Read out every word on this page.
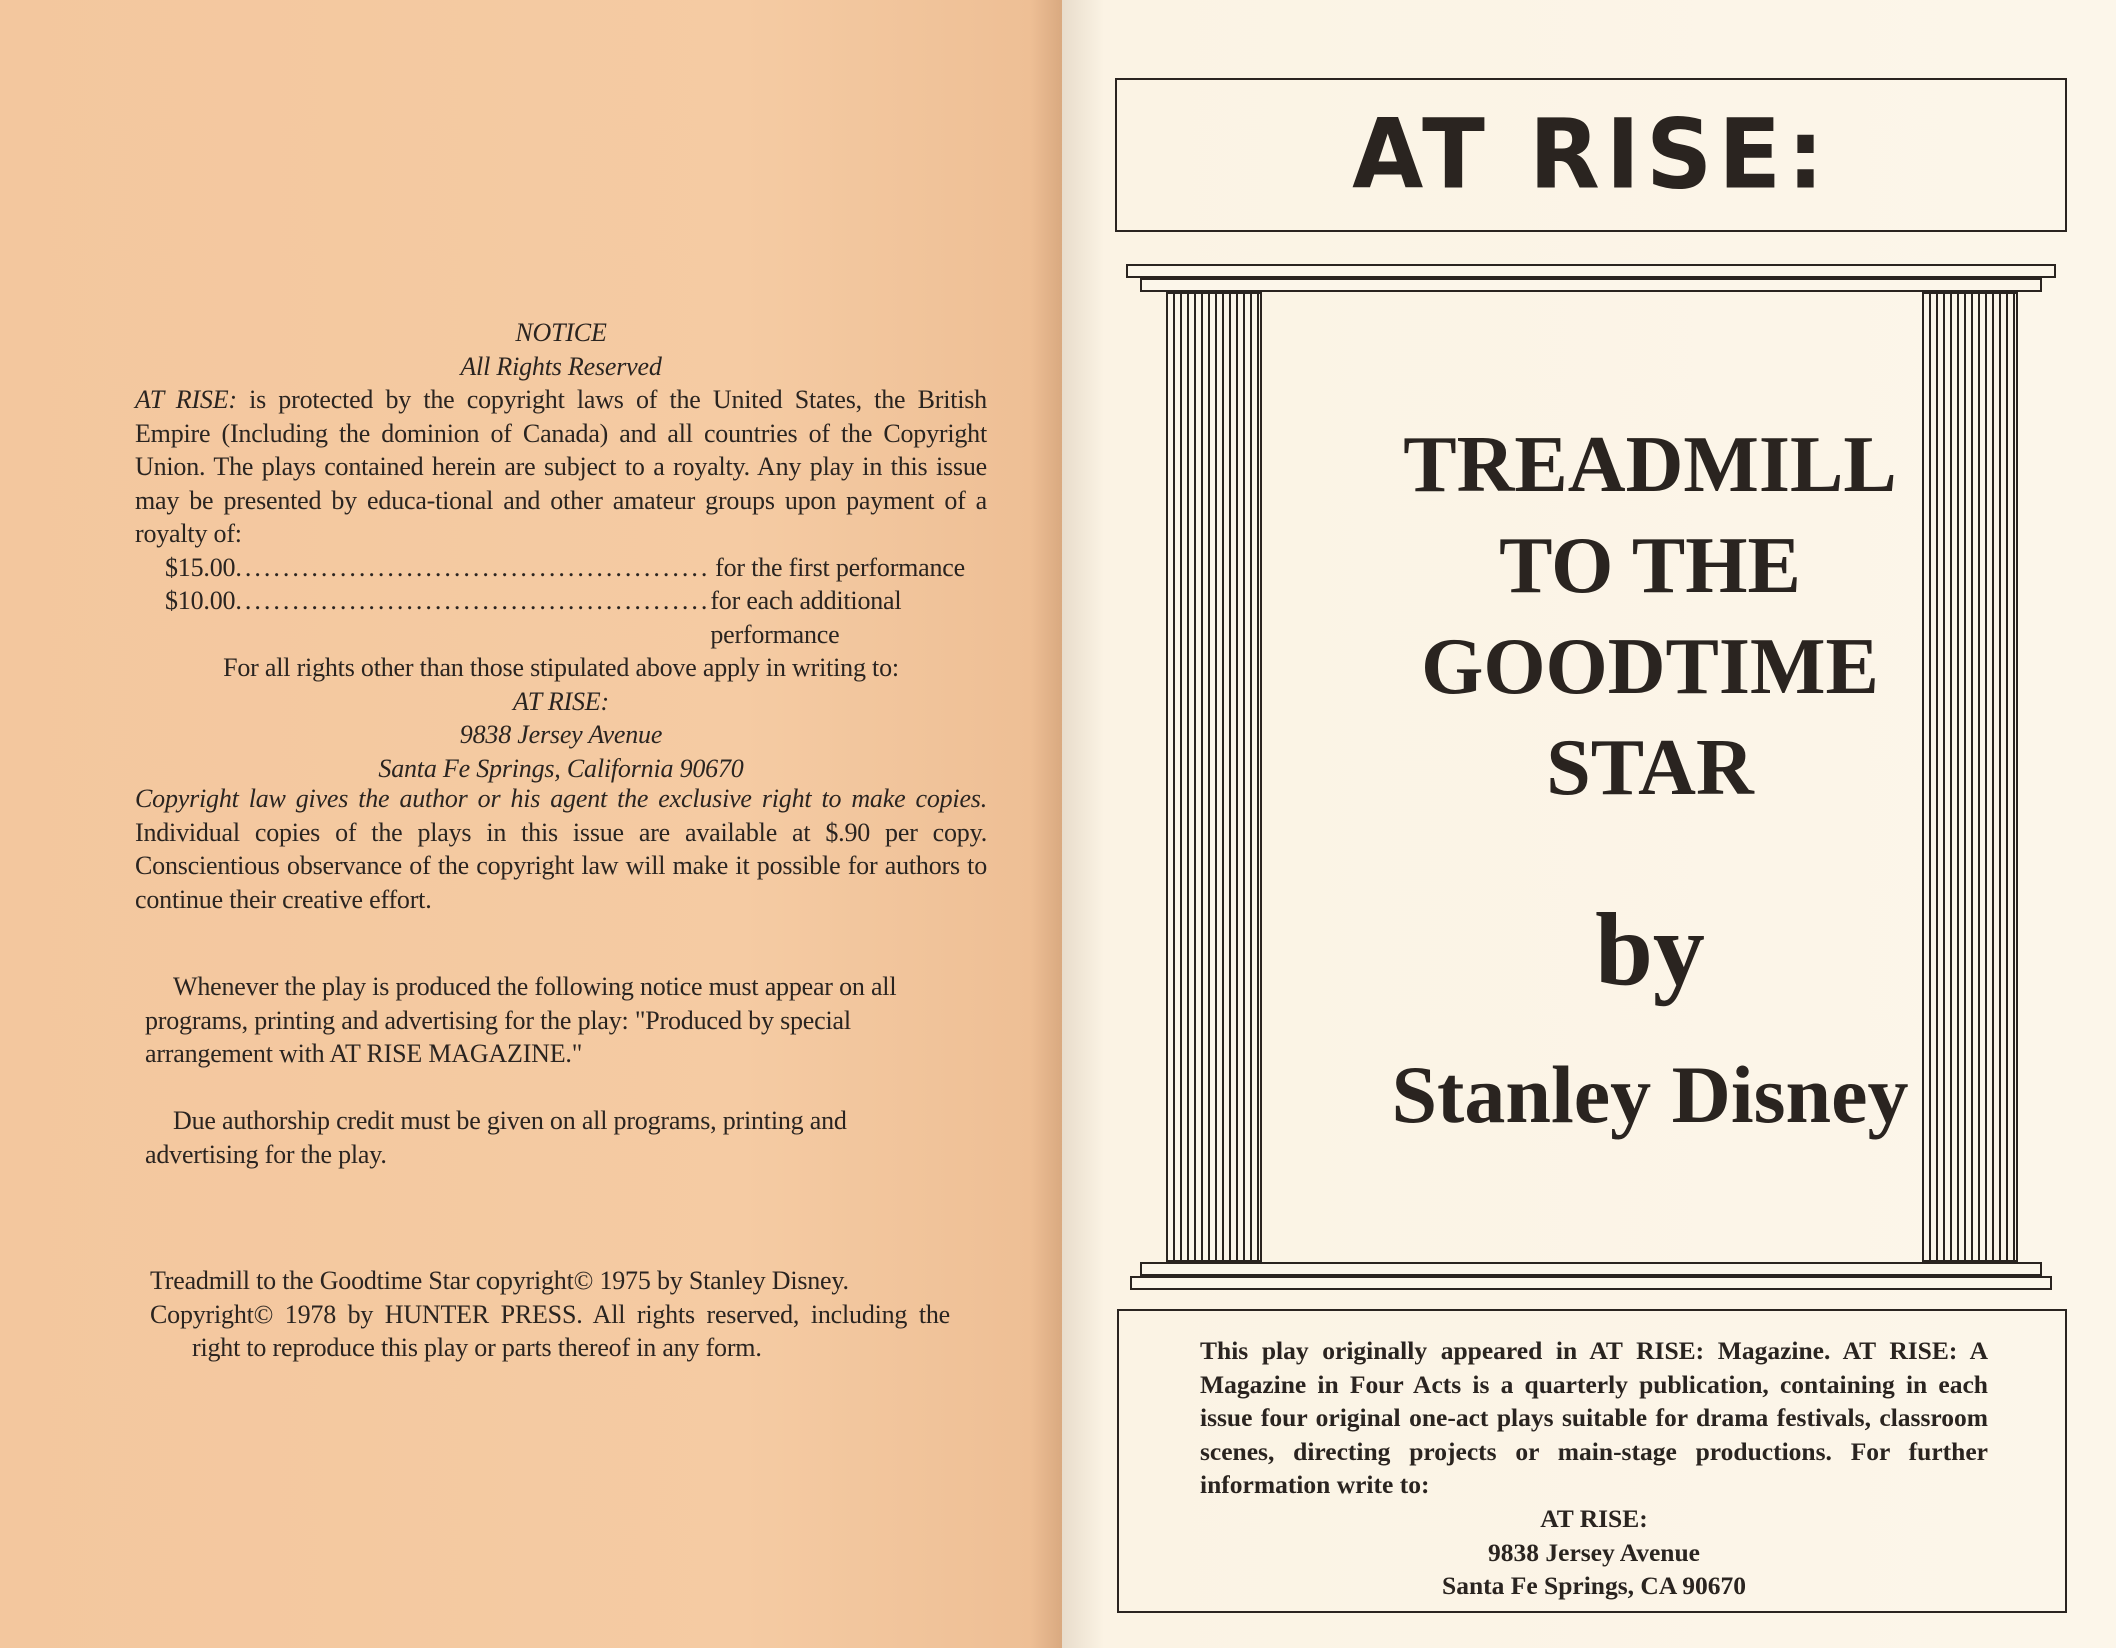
NOTICE
All Rights Reserved
AT RISE: is protected by the copyright laws of the United States, the British Empire (Including the dominion of Canada) and all countries of the Copyright Union. The plays contained herein are subject to a royalty. Any play in this issue may be presented by educa-tional and other amateur groups upon payment of a royalty of:
$15.00 .................................................. for the first performance
$10.00 .................................................. for each additional performance
For all rights other than those stipulated above apply in writing to:
AT RISE:
9838 Jersey Avenue
Santa Fe Springs, California 90670
Copyright law gives the author or his agent the exclusive right to make copies. Individual copies of the plays in this issue are available at $.90 per copy. Conscientious observance of the copyright law will make it possible for authors to continue their creative effort.
Whenever the play is produced the following notice must appear on all programs, printing and advertising for the play: "Produced by special arrangement with AT RISE MAGAZINE."
Due authorship credit must be given on all programs, printing and advertising for the play.
Treadmill to the Goodtime Star copyright© 1975 by Stanley Disney.
Copyright© 1978 by HUNTER PRESS. All rights reserved, including the right to reproduce this play or parts thereof in any form.
AT RISE:
TREADMILL
TO THE
GOODTIME
STAR
by
Stanley Disney
This play originally appeared in AT RISE: Magazine. AT RISE: A Magazine in Four Acts is a quarterly publication, containing in each issue four original one-act plays suitable for drama festivals, classroom scenes, directing projects or main-stage productions. For further information write to:
AT RISE:
9838 Jersey Avenue
Santa Fe Springs, CA 90670
